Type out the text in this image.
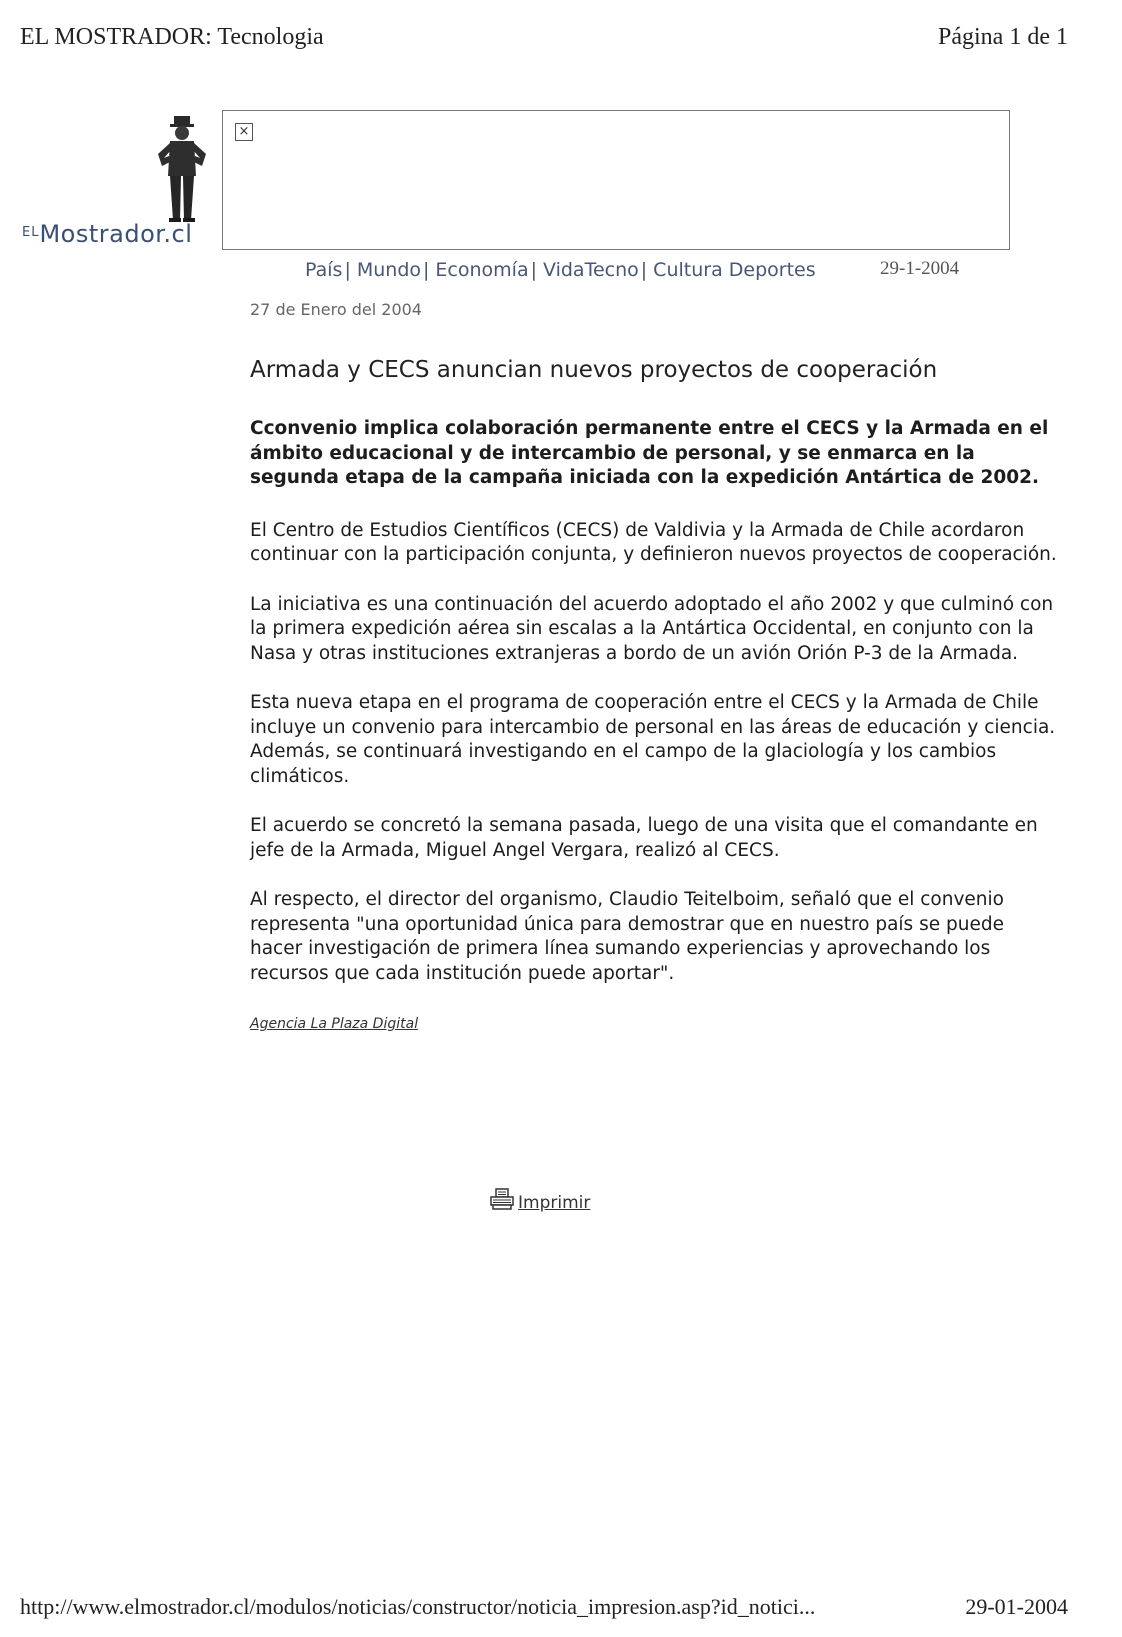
EL MOSTRADOR: Tecnologia	Página 1 de 1
$^{EL}$Mostrador.cl
×
País | Mundo | Economía | VidaTecno | Cultura Deportes	29-1-2004

27 de Enero del 2004

Armada y CECS anuncian nuevos proyectos de cooperación

Cconvenio implica colaboración permanente entre el CECS y la Armada en el ámbito educacional y de intercambio de personal, y se enmarca en la segunda etapa de la campaña iniciada con la expedición Antártica de 2002.

El Centro de Estudios Científicos (CECS) de Valdivia y la Armada de Chile acordaron continuar con la participación conjunta, y definieron nuevos proyectos de cooperación.

La iniciativa es una continuación del acuerdo adoptado el año 2002 y que culminó con la primera expedición aérea sin escalas a la Antártica Occidental, en conjunto con la Nasa y otras instituciones extranjeras a bordo de un avión Orión P-3 de la Armada.

Esta nueva etapa en el programa de cooperación entre el CECS y la Armada de Chile incluye un convenio para intercambio de personal en las áreas de educación y ciencia. Además, se continuará investigando en el campo de la glaciología y los cambios climáticos.

El acuerdo se concretó la semana pasada, luego de una visita que el comandante en jefe de la Armada, Miguel Angel Vergara, realizó al CECS.

Al respecto, el director del organismo, Claudio Teitelboim, señaló que el convenio representa "una oportunidad única para demostrar que en nuestro país se puede hacer investigación de primera línea sumando experiencias y aprovechando los recursos que cada institución puede aportar".

Agencia La Plaza Digital
Imprimir
http://www.elmostrador.cl/modulos/noticias/constructor/noticia_impresion.asp?id_notici...	29-01-2004
